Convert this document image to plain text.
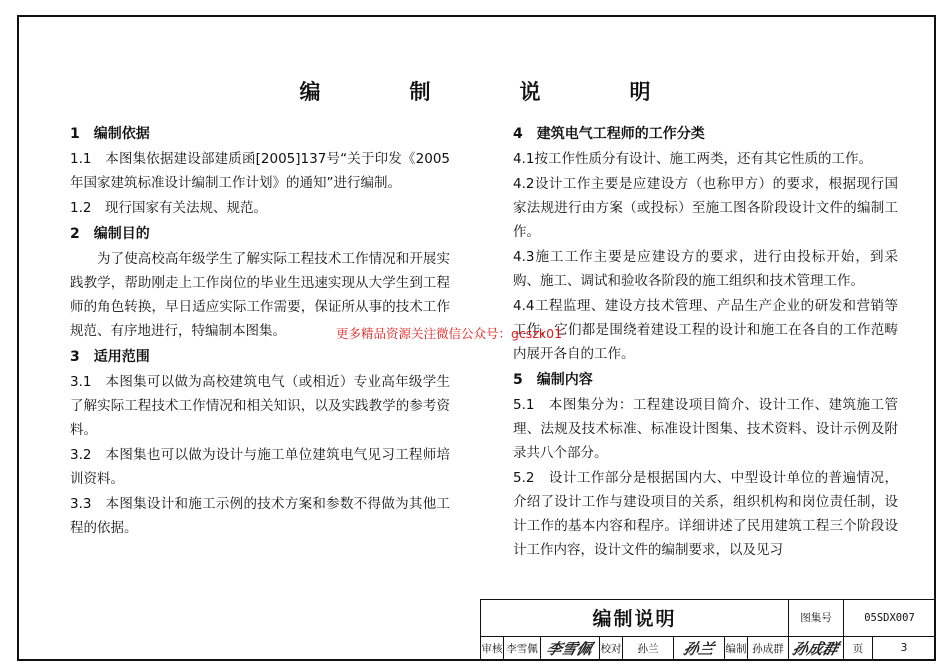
编　制　说　明
1　编制依据
1.1　本图集依据建设部建质函[2005]137号“关于印发《2005年国家建筑标准设计编制工作计划》的通知”进行编制。
1.2　现行国家有关法规、规范。
2　编制目的
为了使高校高年级学生了解实际工程技术工作情况和开展实践教学，帮助刚走上工作岗位的毕业生迅速实现从大学生到工程师的角色转换，早日适应实际工作需要，保证所从事的技术工作规范、有序地进行，特编制本图集。
3　适用范围
3.1　本图集可以做为高校建筑电气（或相近）专业高年级学生了解实际工程技术工作情况和相关知识，以及实践教学的参考资料。
3.2　本图集也可以做为设计与施工单位建筑电气见习工程师培训资料。
3.3　本图集设计和施工示例的技术方案和参数不得做为其他工程的依据。
4　建筑电气工程师的工作分类
4.1按工作性质分有设计、施工两类，还有其它性质的工作。
4.2设计工作主要是应建设方（也称甲方）的要求，根据现行国家法规进行由方案（或投标）至施工图各阶段设计文件的编制工作。
4.3施工工作主要是应建设方的要求，进行由投标开始，到采购、施工、调试和验收各阶段的施工组织和技术管理工作。
4.4工程监理、建设方技术管理、产品生产企业的研发和营销等工作，它们都是围绕着建设工程的设计和施工在各自的工作范畴内展开各自的工作。
5　编制内容
5.1　本图集分为：工程建设项目简介、设计工作、建筑施工管理、法规及技术标准、标准设计图集、技术资料、设计示例及附录共八个部分。
5.2　设计工作部分是根据国内大、中型设计单位的普遍情况，介绍了设计工作与建设项目的关系，组织机构和岗位责任制，设计工作的基本内容和程序。详细讲述了民用建筑工程三个阶段设计工作内容，设计文件的编制要求，以及见习
更多精品资源关注微信公众号：gcszk01
编制说明								图集号	05SDX007	
审核	李雪佩	李雪佩	校对	孙兰	孙兰	编制	孙成群	孙成群	页	3
